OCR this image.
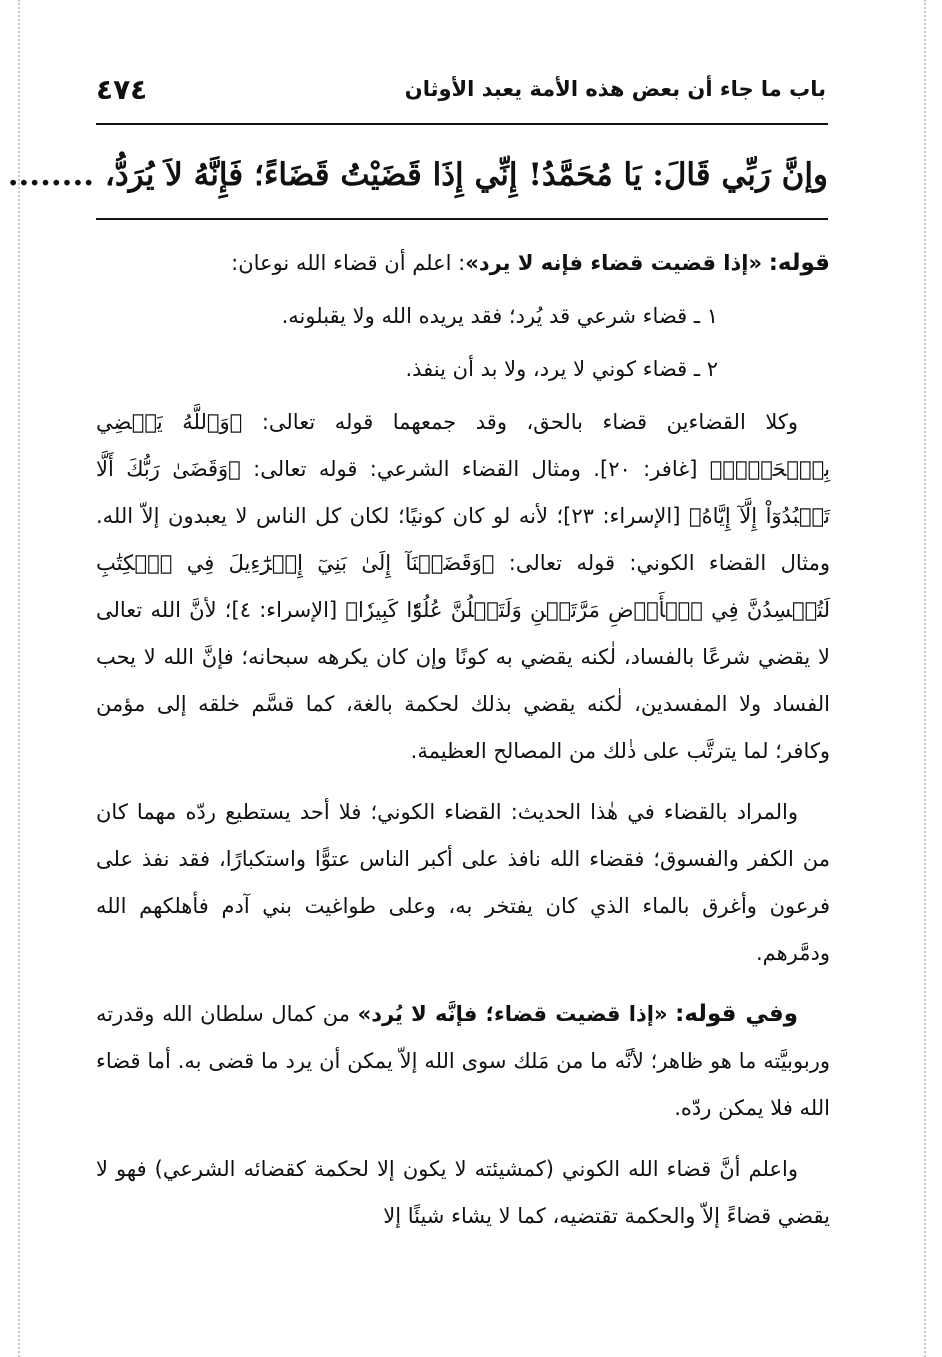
باب ما جاء أن بعض هذه الأمة يعبد الأوثان
٤٧٤
وإنَّ رَبِّي قَالَ: يَا مُحَمَّدُ! إِنِّي إِذَا قَضَيْتُ قَضَاءً؛ فَإِنَّهُ لاَ يُرَدُّ، ........

قوله: «إذا قضيت قضاء فإنه لا يرد»: اعلم أن قضاء الله نوعان:

١ ـ قضاء شرعي قد يُرد؛ فقد يريده الله ولا يقبلونه.

٢ ـ قضاء كوني لا يرد، ولا بد أن ينفذ.

وكلا القضاءين قضاء بالحق، وقد جمعهما قوله تعالى: ﴿وَٱللَّهُ يَقۡضِي بِٱلۡحَقِّۖ﴾ [غافر: ٢٠]. ومثال القضاء الشرعي: قوله تعالى: ﴿وَقَضَىٰ رَبُّكَ أَلَّا تَعۡبُدُوٓاْ إِلَّآ إِيَّاهُ﴾ [الإسراء: ٢٣]؛ لأنه لو كان كونيًا؛ لكان كل الناس لا يعبدون إلاّ الله. ومثال القضاء الكوني: قوله تعالى: ﴿وَقَضَيۡنَآ إِلَىٰ بَنِيٓ إِسۡرَٰٓءِيلَ فِي ٱلۡكِتَٰبِ لَتُفۡسِدُنَّ فِي ٱلۡأَرۡضِ مَرَّتَيۡنِ وَلَتَعۡلُنَّ عُلُوّٗا كَبِيرٗا﴾ [الإسراء: ٤]؛ لأنَّ الله تعالى لا يقضي شرعًا بالفساد، لٰكنه يقضي به كونًا وإن كان يكرهه سبحانه؛ فإنَّ الله لا يحب الفساد ولا المفسدين، لٰكنه يقضي بذلك لحكمة بالغة، كما قسَّم خلقه إلى مؤمن وكافر؛ لما يترتَّب على ذٰلك من المصالح العظيمة.

والمراد بالقضاء في هٰذا الحديث: القضاء الكوني؛ فلا أحد يستطيع ردّه مهما كان من الكفر والفسوق؛ فقضاء الله نافذ على أكبر الناس عتوًّا واستكبارًا، فقد نفذ على فرعون وأغرق بالماء الذي كان يفتخر به، وعلى طواغيت بني آدم فأهلكهم الله ودمَّرهم.

وفي قوله: «إذا قضيت قضاء؛ فإنَّه لا يُرد» من كمال سلطان الله وقدرته وربوبيَّته ما هو ظاهر؛ لأنَّه ما من مَلك سوى الله إلاّ يمكن أن يرد ما قضى به. أما قضاء الله فلا يمكن ردّه.

واعلم أنَّ قضاء الله الكوني (كمشيئته لا يكون إلا لحكمة كقضائه الشرعي) فهو لا يقضي قضاءً إلاّ والحكمة تقتضيه، كما لا يشاء شيئًا إلا
